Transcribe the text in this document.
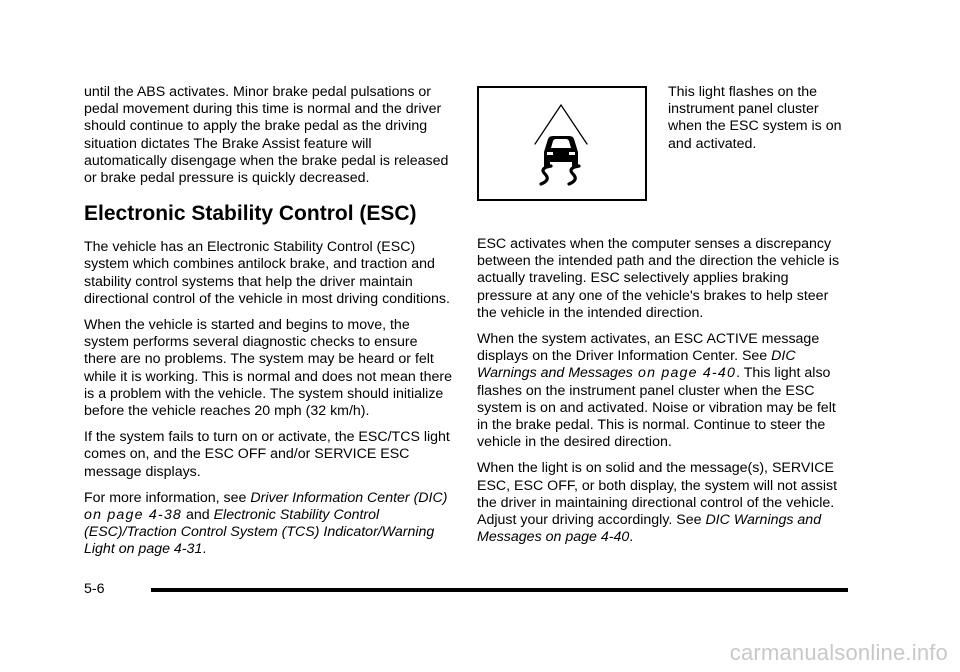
until the ABS activates. Minor brake pedal pulsations or pedal movement during this time is normal and the driver should continue to apply the brake pedal as the driving situation dictates The Brake Assist feature will automatically disengage when the brake pedal is released or brake pedal pressure is quickly decreased.

Electronic Stability Control (ESC)

The vehicle has an Electronic Stability Control (ESC) system which combines antilock brake, and traction and stability control systems that help the driver maintain directional control of the vehicle in most driving conditions.

When the vehicle is started and begins to move, the system performs several diagnostic checks to ensure there are no problems. The system may be heard or felt while it is working. This is normal and does not mean there is a problem with the vehicle. The system should initialize before the vehicle reaches 20 mph (32 km/h).

If the system fails to turn on or activate, the ESC/TCS light comes on, and the ESC OFF and/or SERVICE ESC message displays.

For more information, see Driver Information Center (DIC) on page 4-38 and Electronic Stability Control (ESC)/Traction Control System (TCS) Indicator/Warning Light on page 4-31.

This light flashes on the instrument panel cluster when the ESC system is on and activated.

ESC activates when the computer senses a discrepancy between the intended path and the direction the vehicle is actually traveling. ESC selectively applies braking pressure at any one of the vehicle's brakes to help steer the vehicle in the intended direction.

When the system activates, an ESC ACTIVE message displays on the Driver Information Center. See DIC Warnings and Messages on page 4-40. This light also flashes on the instrument panel cluster when the ESC system is on and activated. Noise or vibration may be felt in the brake pedal. This is normal. Continue to steer the vehicle in the desired direction.

When the light is on solid and the message(s), SERVICE ESC, ESC OFF, or both display, the system will not assist the driver in maintaining directional control of the vehicle. Adjust your driving accordingly. See DIC Warnings and Messages on page 4-40.

5-6
carmanualsonline.info
